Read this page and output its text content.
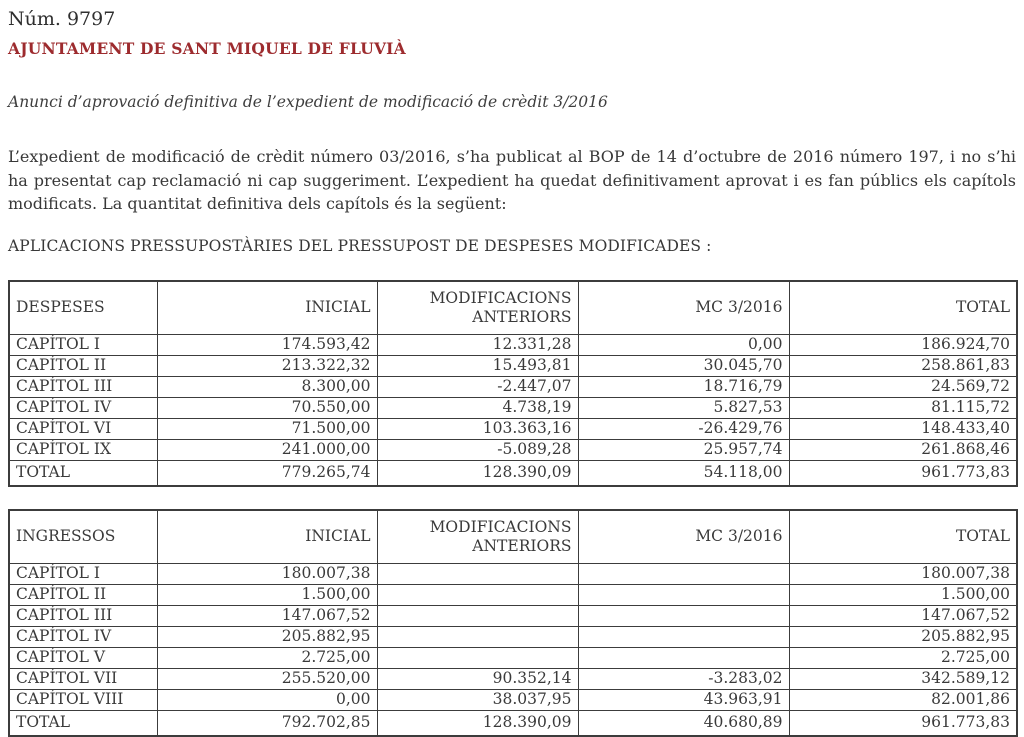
Núm. 9797
AJUNTAMENT DE SANT MIQUEL DE FLUVIÀ
Anunci d’aprovació definitiva de l’expedient de modificació de crèdit 3/2016
L’expedient de modificació de crèdit número 03/2016, s’ha publicat al BOP de 14 d’octubre de 2016 número 197, i no s’hi ha presentat cap reclamació ni cap suggeriment. L’expedient ha quedat definitivament aprovat i es fan públics els capítols modificats. La quantitat definitiva dels capítols és la següent:
APLICACIONS PRESSUPOSTÀRIES DEL PRESSUPOST DE DESPESES MODIFICADES :
DESPESES	INICIAL	MODIFICACIONS ANTERIORS	MC 3/2016	TOTAL
CAPÍTOL I	174.593,42	12.331,28	0,00	186.924,70
CAPÍTOL II	213.322,32	15.493,81	30.045,70	258.861,83
CAPÍTOL III	8.300,00	-2.447,07	18.716,79	24.569,72
CAPÍTOL IV	70.550,00	4.738,19	5.827,53	81.115,72
CAPÍTOL VI	71.500,00	103.363,16	-26.429,76	148.433,40
CAPÍTOL IX	241.000,00	-5.089,28	25.957,74	261.868,46
TOTAL	779.265,74	128.390,09	54.118,00	961.773,83
INGRESSOS	INICIAL	MODIFICACIONS ANTERIORS	MC 3/2016	TOTAL
CAPÍTOL I	180.007,38			180.007,38
CAPÍTOL II	1.500,00			1.500,00
CAPÍTOL III	147.067,52			147.067,52
CAPÍTOL IV	205.882,95			205.882,95
CAPÍTOL V	2.725,00			2.725,00
CAPÍTOL VII	255.520,00	90.352,14	-3.283,02	342.589,12
CAPÍTOL VIII	0,00	38.037,95	43.963,91	82.001,86
TOTAL	792.702,85	128.390,09	40.680,89	961.773,83
